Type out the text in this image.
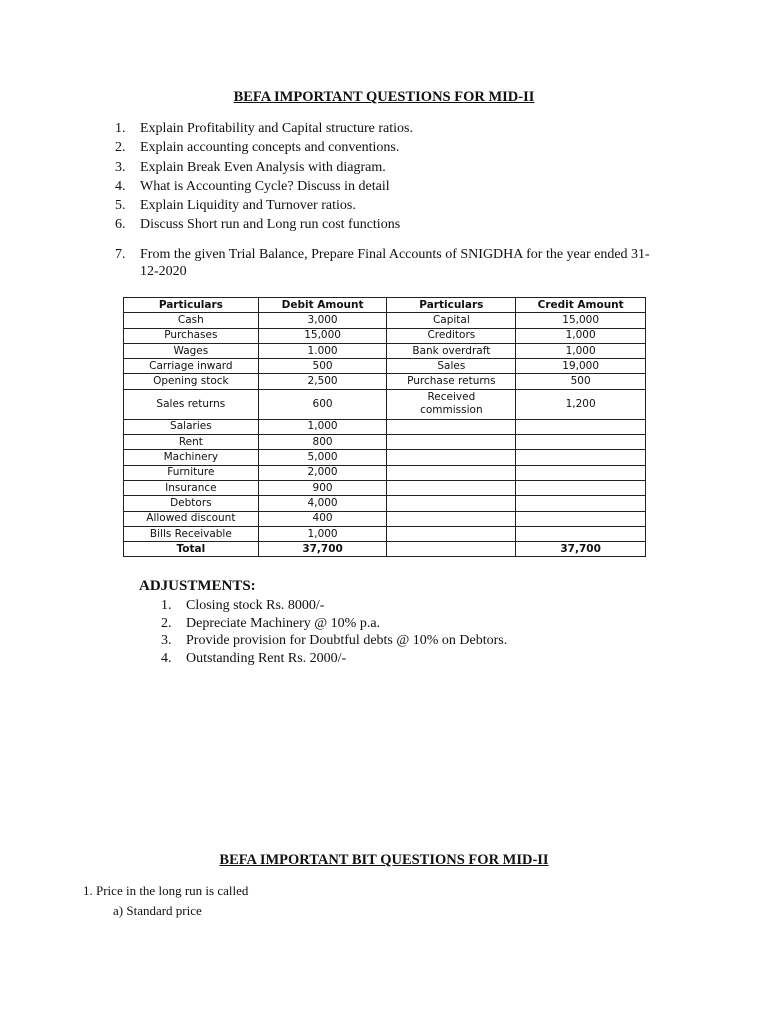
BEFA IMPORTANT QUESTIONS FOR MID-II
1.	Explain Profitability and Capital structure ratios.
2.	Explain accounting concepts and conventions.
3.	Explain Break Even Analysis with diagram.
4.	What is Accounting Cycle? Discuss in detail
5.	Explain Liquidity and Turnover ratios.
6.	Discuss Short run and Long run cost functions
7.	From the given Trial Balance, Prepare Final Accounts of SNIGDHA for the year ended 31-12-2020
Particulars	Debit Amount	Particulars	Credit Amount
Cash	3,000	Capital	15,000
Purchases	15,000	Creditors	1,000
Wages	1.000	Bank overdraft	1,000
Carriage inward	500	Sales	19,000
Opening stock	2,500	Purchase returns	500
Sales returns	600	Received commission	1,200
Salaries	1,000		
Rent	800		
Machinery	5,000		
Furniture	2,000		
Insurance	900		
Debtors	4,000		
Allowed discount	400		
Bills Receivable	1,000		
Total	37,700		37,700
ADJUSTMENTS:
1.	Closing stock Rs. 8000/-
2.	Depreciate Machinery @ 10% p.a.
3.	Provide provision for Doubtful debts @ 10% on Debtors.
4.	Outstanding Rent Rs. 2000/-
BEFA IMPORTANT BIT QUESTIONS FOR MID-II
1. Price in the long run is called
a) Standard price
